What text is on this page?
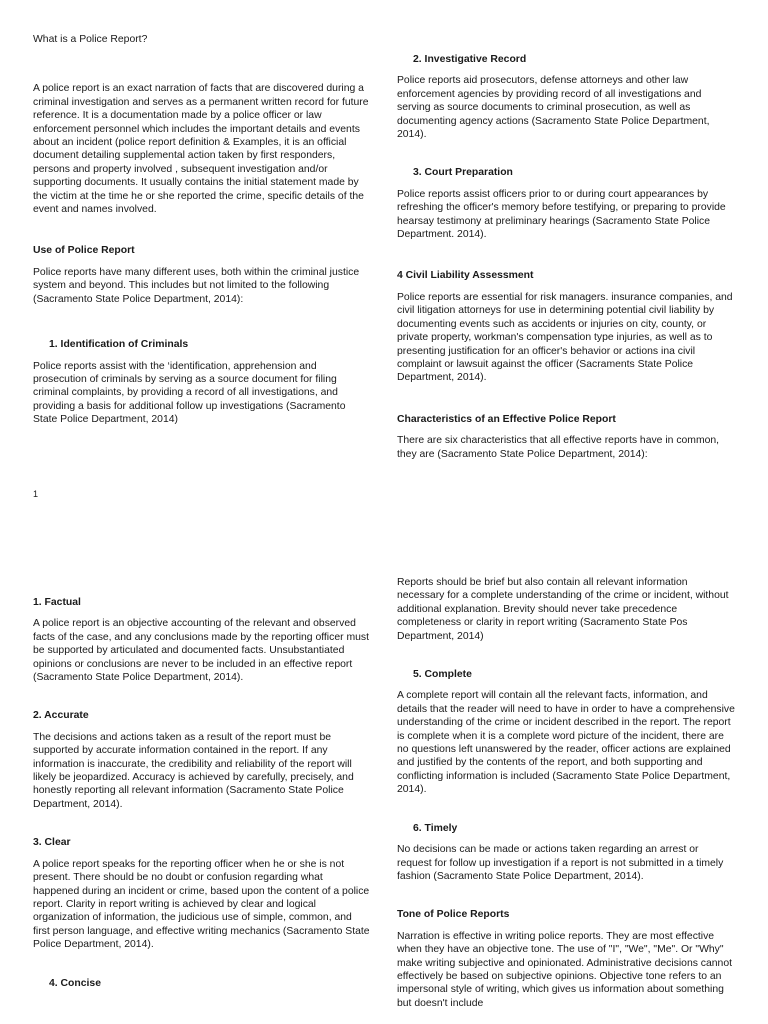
What is a Police Report?

A police report is an exact narration of facts that are discovered during a criminal investigation and serves as a permanent written record for future reference. It is a documentation made by a police officer or law enforcement personnel which includes the important details and events about an incident (police report definition & Examples, it is an official document detailing supplemental action taken by first responders, persons and property involved , subsequent investigation and/or supporting documents. It usually contains the initial statement made by the victim at the time he or she reported the crime, specific details of the event and names involved.

Use of Police Report

Police reports have many different uses, both within the criminal justice system and beyond. This includes but not limited to the following (Sacramento State Police Department, 2014):

1. Identification of Criminals

Police reports assist with the ‘identification, apprehension and prosecution of criminals by serving as a source document for filing criminal complaints, by providing a record of all investigations, and providing a basis for additional follow up investigations (Sacramento State Police Department, 2014)

2. Investigative Record

Police reports aid prosecutors, defense attorneys and other law enforcement agencies by providing record of all investigations and serving as source documents to criminal prosecution, as well as documenting agency actions (Sacramento State Police Department, 2014).

3. Court Preparation

Police reports assist officers prior to or during court appearances by refreshing the officer's memory before testifying, or preparing to provide hearsay testimony at preliminary hearings (Sacramento State Police Department. 2014).

4 Civil Liability Assessment

Police reports are essential for risk managers. insurance companies, and civil litigation attorneys for use in determining potential civil liability by documenting events such as accidents or injuries on city, county, or private property, workman's compensation type injuries, as well as to presenting justification for an officer's behavior or actions ina civil complaint or lawsuit against the officer (Sacraments State Police Department, 2014).

Characteristics of an Effective Police Report

There are six characteristics that all effective reports have in common, they are (Sacramento State Police Department, 2014):

1
1. Factual

A police report is an objective accounting of the relevant and observed facts of the case, and any conclusions made by the reporting officer must be supported by articulated and documented facts. Unsubstantiated opinions or conclusions are never to be included in an effective report (Sacramento State Police Department, 2014).

2. Accurate

The decisions and actions taken as a result of the report must be supported by accurate information contained in the report. If any information is inaccurate, the credibility and reliability of the report will likely be jeopardized. Accuracy is achieved by carefully, precisely, and honestly reporting all relevant information (Sacramento State Police Department, 2014).

3. Clear

A police report speaks for the reporting officer when he or she is not present. There should be no doubt or confusion regarding what happened during an incident or crime, based upon the content of a police report. Clarity in report writing is achieved by clear and logical organization of information, the judicious use of simple, common, and first person language, and effective writing mechanics (Sacramento State Police Department, 2014).

4. Concise

Reports should be brief but also contain all relevant information necessary for a complete understanding of the crime or incident, without additional explanation. Brevity should never take precedence completeness or clarity in report writing (Sacramento State Pos Department, 2014)

5. Complete

A complete report will contain all the relevant facts, information, and details that the reader will need to have in order to have a comprehensive understanding of the crime or incident described in the report. The report is complete when it is a complete word picture of the incident, there are no questions left unanswered by the reader, officer actions are explained and justified by the contents of the report, and both supporting and conflicting information is included (Sacramento State Police Department, 2014).

6. Timely

No decisions can be made or actions taken regarding an arrest or request for follow up investigation if a report is not submitted in a timely fashion (Sacramento State Police Department, 2014).

Tone of Police Reports

Narration is effective in writing police reports. They are most effective when they have an objective tone. The use of "I", "We", "Me". Or "Why" make writing subjective and opinionated. Administrative decisions cannot effectively be based on subjective opinions. Objective tone refers to an impersonal style of writing, which gives us information about something but doesn't include
